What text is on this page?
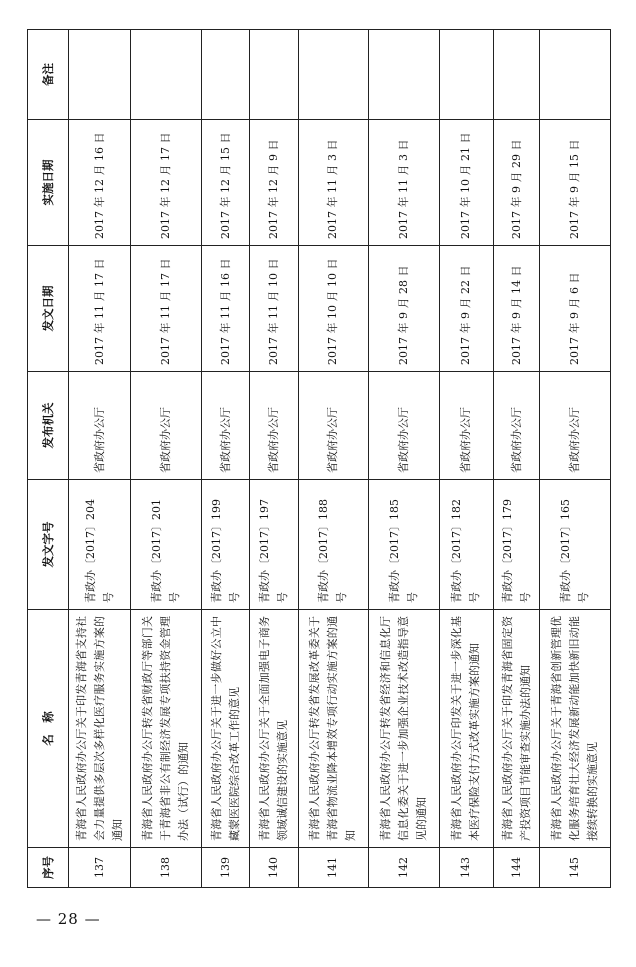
序号	名　称	发文字号	发布机关	发文日期	实施日期	备注
137	青海省人民政府办公厅关于印发青海省支持社会力量提供多层次多样化医疗服务实施方案的通知	青政办〔2017〕204 号	省政府办公厅	2017 年 11 月 17 日	2017 年 12 月 16 日	
138	青海省人民政府办公厅转发省财政厅等部门关于青海省非公有制经济发展专项扶持资金管理办法（试行）的通知	青政办〔2017〕201 号	省政府办公厅	2017 年 11 月 17 日	2017 年 12 月 17 日	
139	青海省人民政府办公厅关于进一步做好公立中藏蒙医医院综合改革工作的意见	青政办〔2017〕199 号	省政府办公厅	2017 年 11 月 16 日	2017 年 12 月 15 日	
140	青海省人民政府办公厅关于全面加强电子商务领域诚信建设的实施意见	青政办〔2017〕197 号	省政府办公厅	2017 年 11 月 10 日	2017 年 12 月 9 日	
141	青海省人民政府办公厅转发省发展改革委关于青海省物流业降本增效专项行动实施方案的通知	青政办〔2017〕188 号	省政府办公厅	2017 年 10 月 10 日	2017 年 11 月 3 日	
142	青海省人民政府办公厅转发省经济和信息化厅信息化委关于进一步加强企业技术改造指导意见的通知	青政办〔2017〕185 号	省政府办公厅	2017 年 9 月 28 日	2017 年 11 月 3 日	
143	青海省人民政府办公厅印发关于进一步深化基本医疗保险支付方式改革实施方案的通知	青政办〔2017〕182 号	省政府办公厅	2017 年 9 月 22 日	2017 年 10 月 21 日	
144	青海省人民政府办公厅关于印发青海省固定资产投资项目节能审查实施办法的通知	青政办〔2017〕179 号	省政府办公厅	2017 年 9 月 14 日	2017 年 9 月 29 日	
145	青海省人民政府办公厅关于青海省创新管理优化服务培育壮大经济发展新动能加快新旧动能接续转换的实施意见	青政办〔2017〕165 号	省政府办公厅	2017 年 9 月 6 日	2017 年 9 月 15 日	
— 28 —
